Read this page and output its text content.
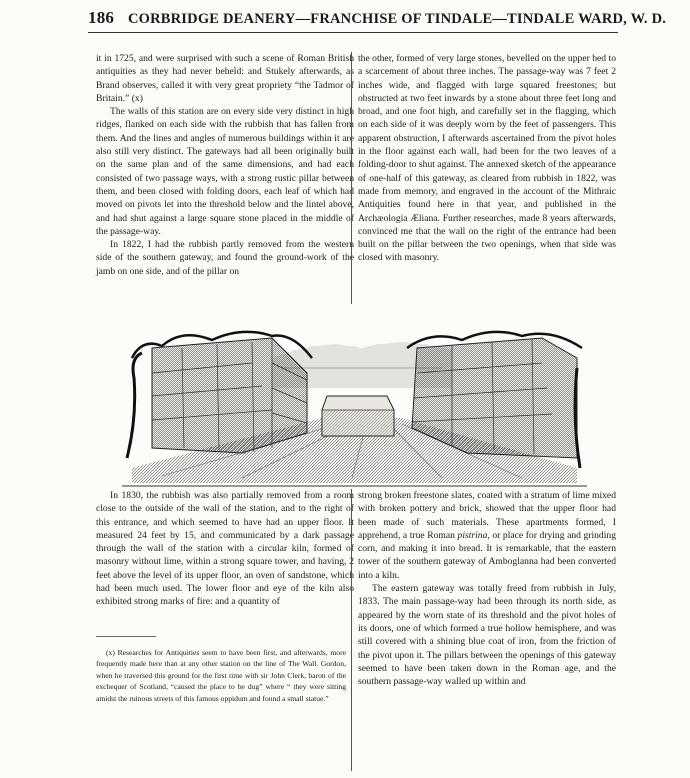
186 CORBRIDGE DEANERY—FRANCHISE OF TINDALE—TINDALE WARD, W. D.

it in 1725, and were surprised with such a scene of Roman British antiquities as they had never beheld: and Stukely afterwards, as Brand observes, called it with very great propriety “the Tadmor of Britain.” (x)

The walls of this station are on every side very distinct in high ridges, flanked on each side with the rubbish that has fallen from them. And the lines and angles of numerous buildings within it are also still very distinct. The gateways had all been originally built on the same plan and of the same dimensions, and had each consisted of two passage ways, with a strong rustic pillar between them, and been closed with folding doors, each leaf of which had moved on pivots let into the threshold below and the lintel above, and had shut against a large square stone placed in the middle of the passage-way.

In 1822, I had the rubbish partly removed from the western side of the southern gateway, and found the ground-work of the jamb on one side, and of the pillar on

the other, formed of very large stones, bevelled on the upper bed to a scarcement of about three inches. The passage-way was 7 feet 2 inches wide, and flagged with large squared freestones; but obstructed at two feet inwards by a stone about three feet long and broad, and one foot high, and carefully set in the flagging, which on each side of it was deeply worn by the feet of passengers. This apparent obstruction, I afterwards ascertained from the pivot holes in the floor against each wall, had been for the two leaves of a folding-door to shut against. The annexed sketch of the appearance of one-half of this gateway, as cleared from rubbish in 1822, was made from memory, and engraved in the account of the Mithraic Antiquities found here in that year, and published in the Archæologia Æliana. Further researches, made 8 years afterwards, convinced me that the wall on the right of the entrance had been built on the pillar between the two openings, when that side was closed with masonry.

In 1830, the rubbish was also partially removed from a room close to the outside of the wall of the station, and to the right of this entrance, and which seemed to have had an upper floor. It measured 24 feet by 15, and communicated by a dark passage through the wall of the station with a circular kiln, formed of masonry without lime, within a strong square tower, and having, 2 feet above the level of its upper floor, an oven of sandstone, which had been much used. The lower floor and eye of the kiln also exhibited strong marks of fire: and a quantity of

(x) Researches for Antiquities seem to have been first, and afterwards, more frequently made here than at any other station on the line of The Wall. Gordon, when he traversed this ground for the first time with sir John Clerk, baron of the exchequer of Scotland, “caused the place to be dug” where “ they were sitting amidst the ruinous streets of this famous oppidum and found a small statue.”

strong broken freestone slates, coated with a stratum of lime mixed with broken pottery and brick, showed that the upper floor had been made of such materials. These apartments formed, I apprehend, a true Roman pistrina, or place for drying and grinding corn, and making it into bread. It is remarkable, that the eastern tower of the southern gateway of Amboglanna had been converted into a kiln.

The eastern gateway was totally freed from rubbish in July, 1833. The main passage-way had been through its north side, as appeared by the worn state of its threshold and the pivot holes of its doors, one of which formed a true hollow hemisphere, and was still covered with a shining blue coat of iron, from the friction of the pivot upon it. The pillars between the openings of this gateway seemed to have been taken down in the Roman age, and the southern passage-way walled up within and
